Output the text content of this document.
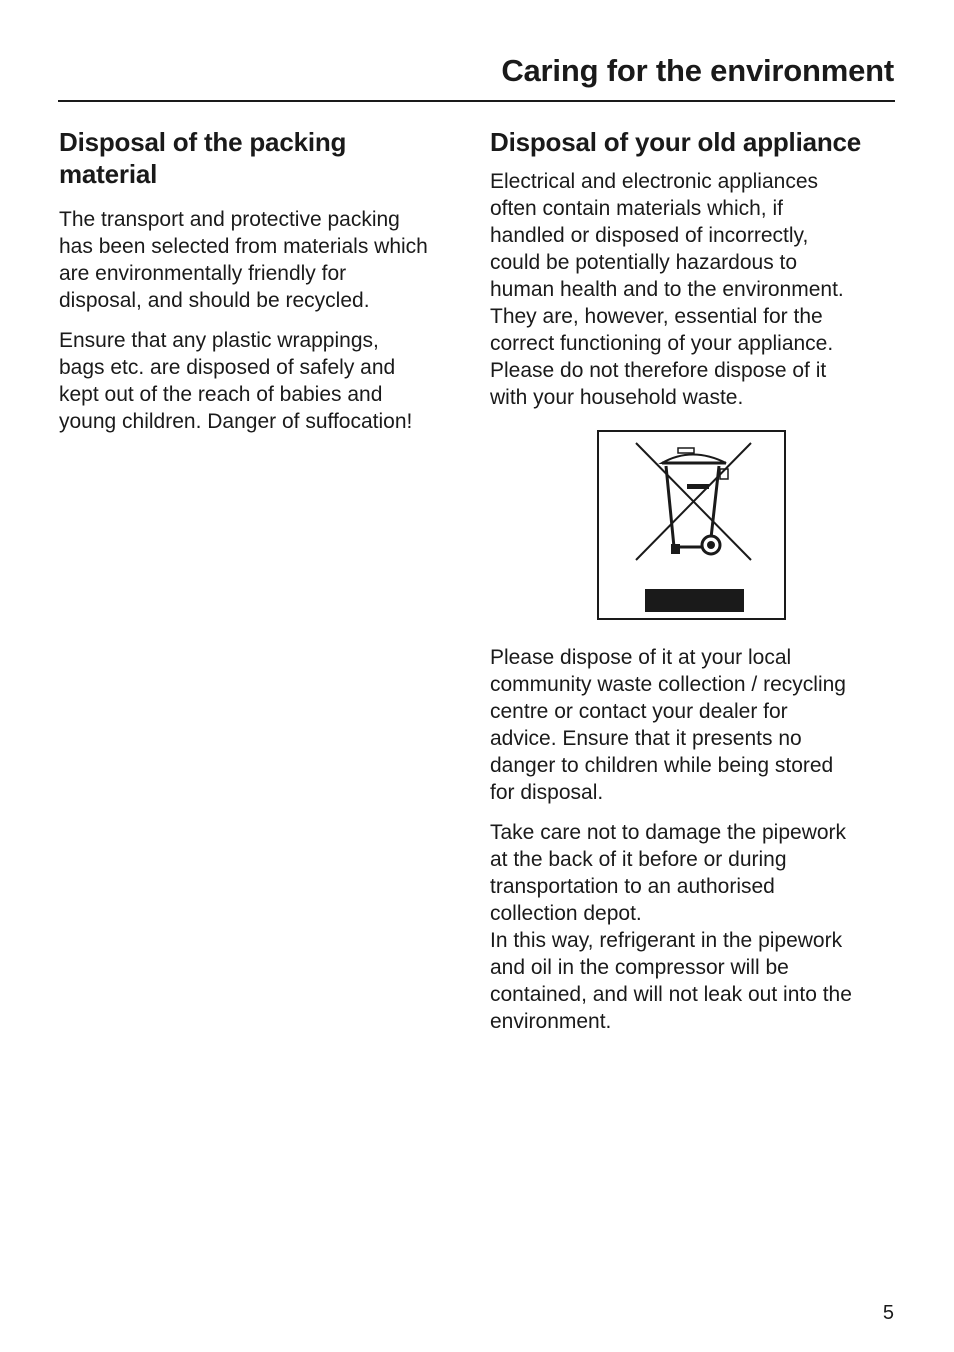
Caring for the environment
Disposal of the packing
material

The transport and protective packing
has been selected from materials which
are environmentally friendly for
disposal, and should be recycled.

Ensure that any plastic wrappings,
bags etc. are disposed of safely and
kept out of the reach of babies and
young children. Danger of suffocation!

Disposal of your old appliance

Electrical and electronic appliances
often contain materials which, if
handled or disposed of incorrectly,
could be potentially hazardous to
human health and to the environment.
They are, however, essential for the
correct functioning of your appliance.
Please do not therefore dispose of it
with your household waste.

Please dispose of it at your local
community waste collection / recycling
centre or contact your dealer for
advice. Ensure that it presents no
danger to children while being stored
for disposal.

Take care not to damage the pipework
at the back of it before or during
transportation to an authorised
collection depot.
In this way, refrigerant in the pipework
and oil in the compressor will be
contained, and will not leak out into the
environment.

5
